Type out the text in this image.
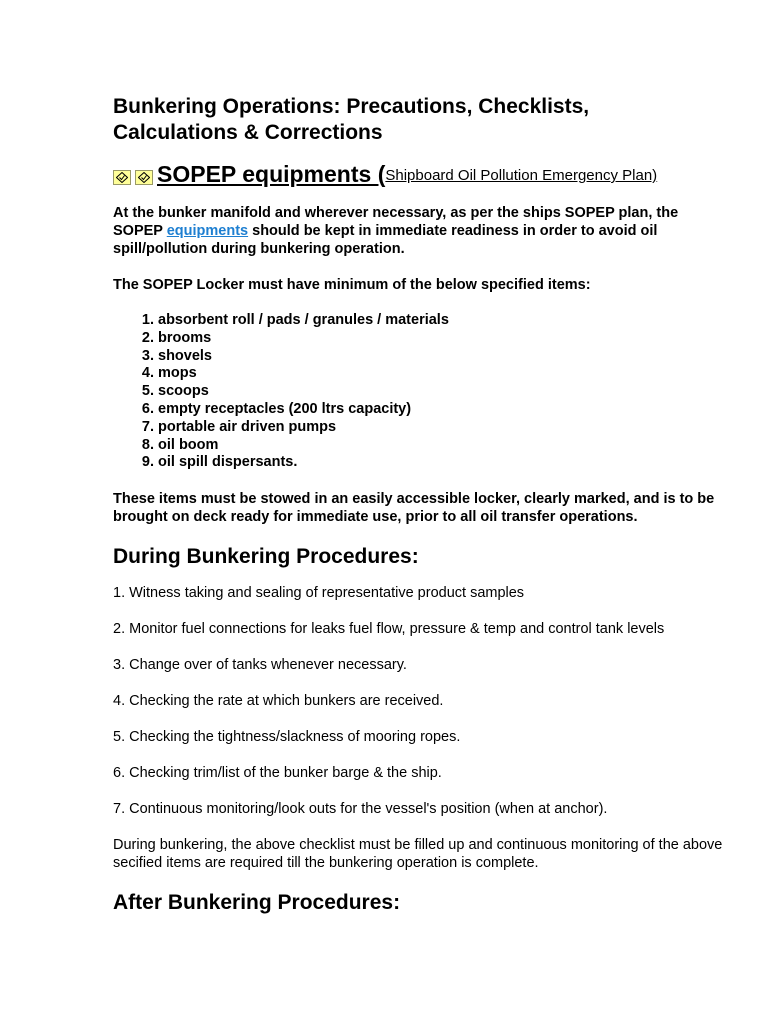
Bunkering Operations: Precautions, Checklists,
Calculations & Corrections
SOPEP equipments ( Shipboard Oil Pollution Emergency Plan)

At the bunker manifold and wherever necessary, as per the ships SOPEP plan, the SOPEP equipments should be kept in immediate readiness in order to avoid oil spill/pollution during bunkering operation.

The SOPEP Locker must have minimum of the below specified items:

1. absorbent roll / pads / granules / materials
2. brooms
3. shovels
4. mops
5. scoops
6. empty receptacles (200 ltrs capacity)
7. portable air driven pumps
8. oil boom
9. oil spill dispersants.

These items must be stowed in an easily accessible locker, clearly marked, and is to be brought on deck ready for immediate use, prior to all oil transfer operations.

During Bunkering Procedures:

1. Witness taking and sealing of representative product samples

2. Monitor fuel connections for leaks fuel flow, pressure & temp and control tank levels

3. Change over of tanks whenever necessary.

4. Checking the rate at which bunkers are received.

5. Checking the tightness/slackness of mooring ropes.

6. Checking trim/list of the bunker barge & the ship.

7. Continuous monitoring/look outs for the vessel's position (when at anchor).

During bunkering, the above checklist must be filled up and continuous monitoring of the above secified items are required till the bunkering operation is complete.

After Bunkering Procedures:
